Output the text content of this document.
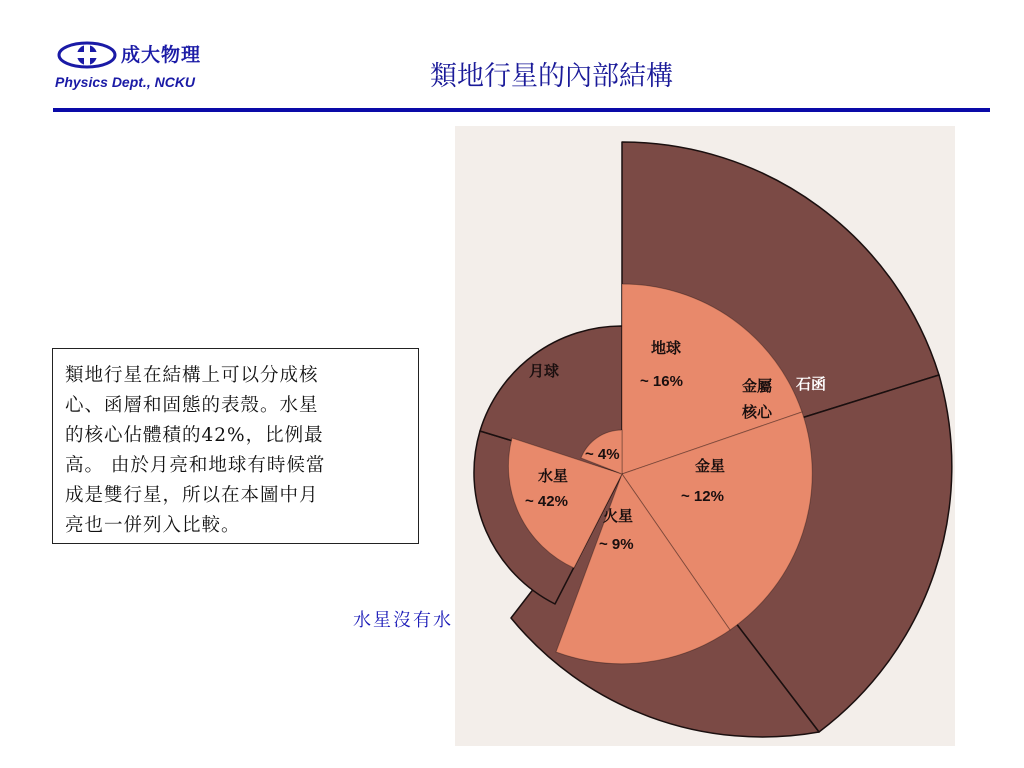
成大物理
Physics Dept., NCKU	類地行星的內部結構
類地行星在結構上可以分成核
心、函層和固態的表殼。水星
的核心佔體積的42%，比例最
高。 由於月亮和地球有時候當
成是雙行星，所以在本圖中月
亮也一併列入比較。
水星沒有水
月球
地球
~ 16%	金屬
核心
金星
~ 12%
火星
~ 9%
水星
~ 42%
~ 4%
石函
